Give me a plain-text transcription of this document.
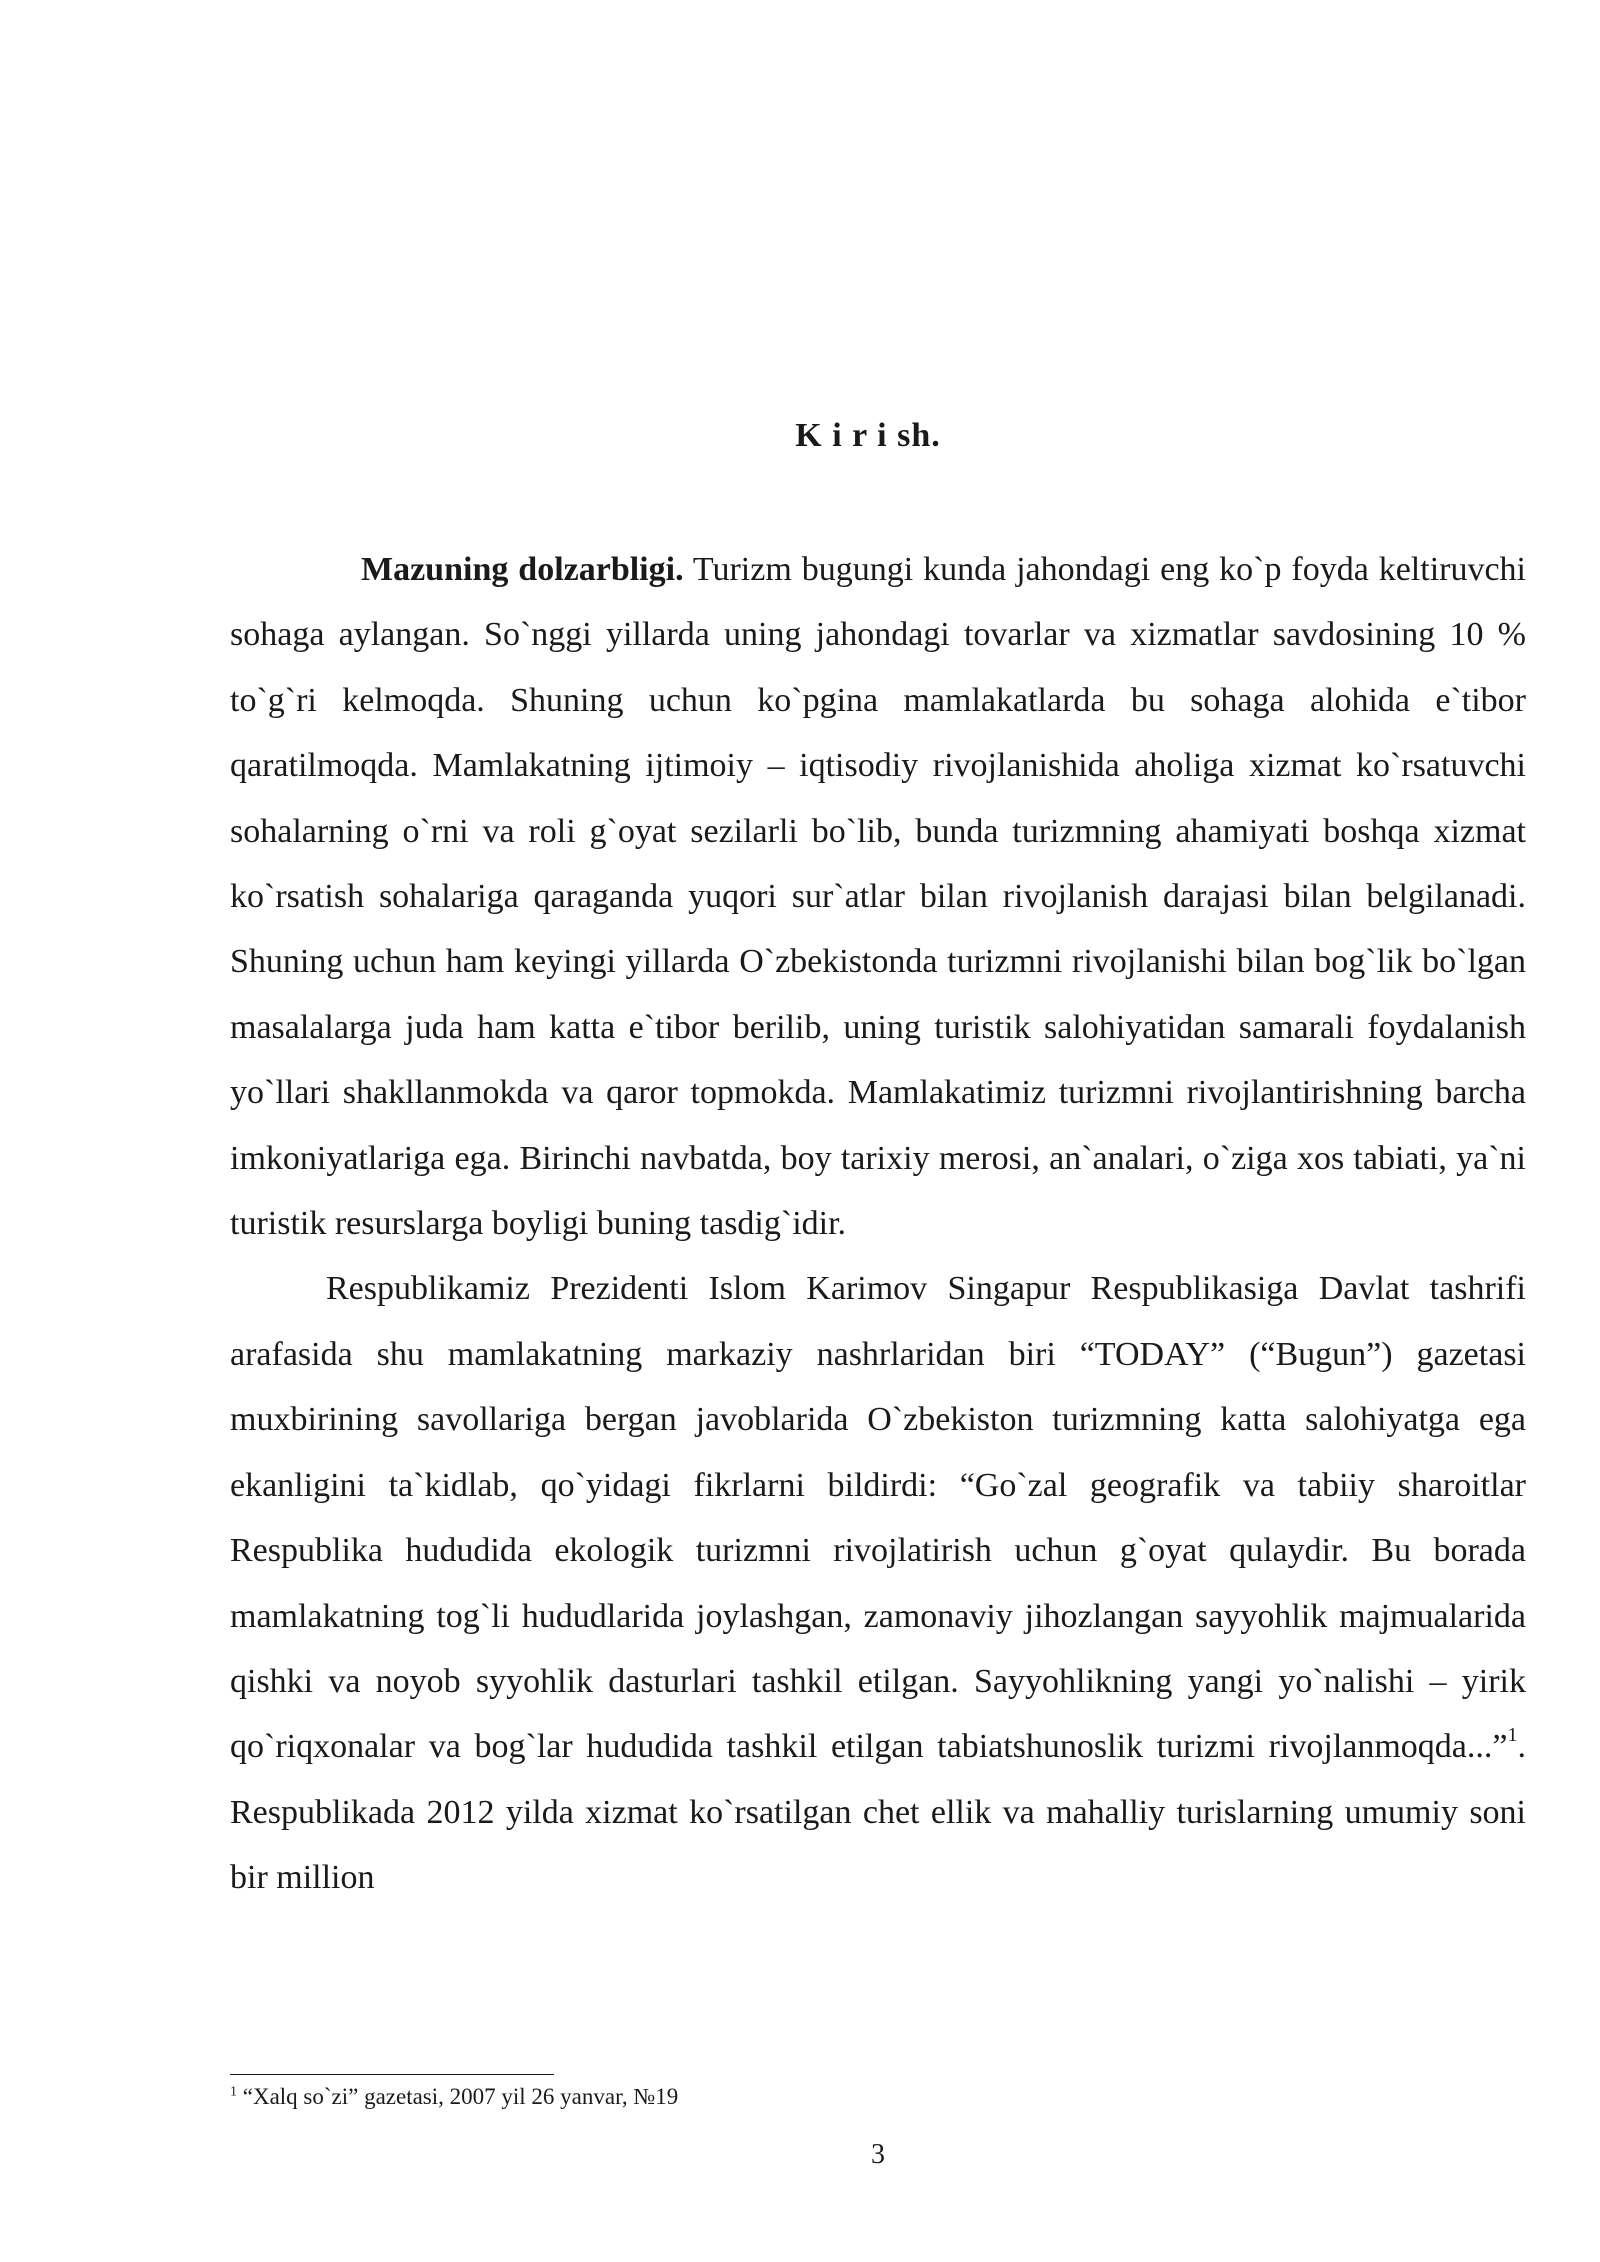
K i r i sh.

Mazuning dolzarbligi. Turizm bugungi kunda jahondagi eng ko`p foyda keltiruvchi sohaga aylangan. So`nggi yillarda uning jahondagi tovarlar va xizmatlar savdosining 10 % to`g`ri kelmoqda. Shuning uchun ko`pgina mamlakatlarda bu sohaga alohida e`tibor qaratilmoqda. Mamlakatning ijtimoiy – iqtisodiy rivojlanishida aholiga xizmat ko`rsatuvchi sohalarning o`rni va roli g`oyat sezilarli bo`lib, bunda turizmning ahamiyati boshqa xizmat ko`rsatish sohalariga qaraganda yuqori sur`atlar bilan rivojlanish darajasi bilan belgilanadi. Shuning uchun ham keyingi yillarda O`zbekistonda turizmni rivojlanishi bilan bog`lik bo`lgan masalalarga juda ham katta e`tibor berilib, uning turistik salohiyatidan samarali foydalanish yo`llari shakllanmokda va qaror topmokda. Mamlakatimiz turizmni rivojlantirishning barcha imkoniyatlariga ega. Birinchi navbatda, boy tarixiy merosi, an`analari, o`ziga xos tabiati, ya`ni turistik resurslarga boyligi buning tasdig`idir.

Respublikamiz Prezidenti Islom Karimov Singapur Respublikasiga Davlat tashrifi arafasida shu mamlakatning markaziy nashrlaridan biri “TODAY” (“Bugun”) gazetasi muxbirining savollariga bergan javoblarida O`zbekiston turizmning katta salohiyatga ega ekanligini ta`kidlab, qo`yidagi fikrlarni bildirdi: “Go`zal geografik va tabiiy sharoitlar Respublika hududida ekologik turizmni rivojlatirish uchun g`oyat qulaydir. Bu borada mamlakatning tog`li hududlarida joylashgan, zamonaviy jihozlangan sayyohlik majmualarida qishki va noyob syyohlik dasturlari tashkil etilgan. Sayyohlikning yangi yo`nalishi – yirik qo`riqxonalar va bog`lar hududida tashkil etilgan tabiatshunoslik turizmi rivojlanmoqda...”$^1$. Respublikada 2012 yilda xizmat ko`rsatilgan chet ellik va mahalliy turislarning umumiy soni bir million

$^1$ “Xalq so`zi” gazetasi, 2007 yil 26 yanvar, №19
3
